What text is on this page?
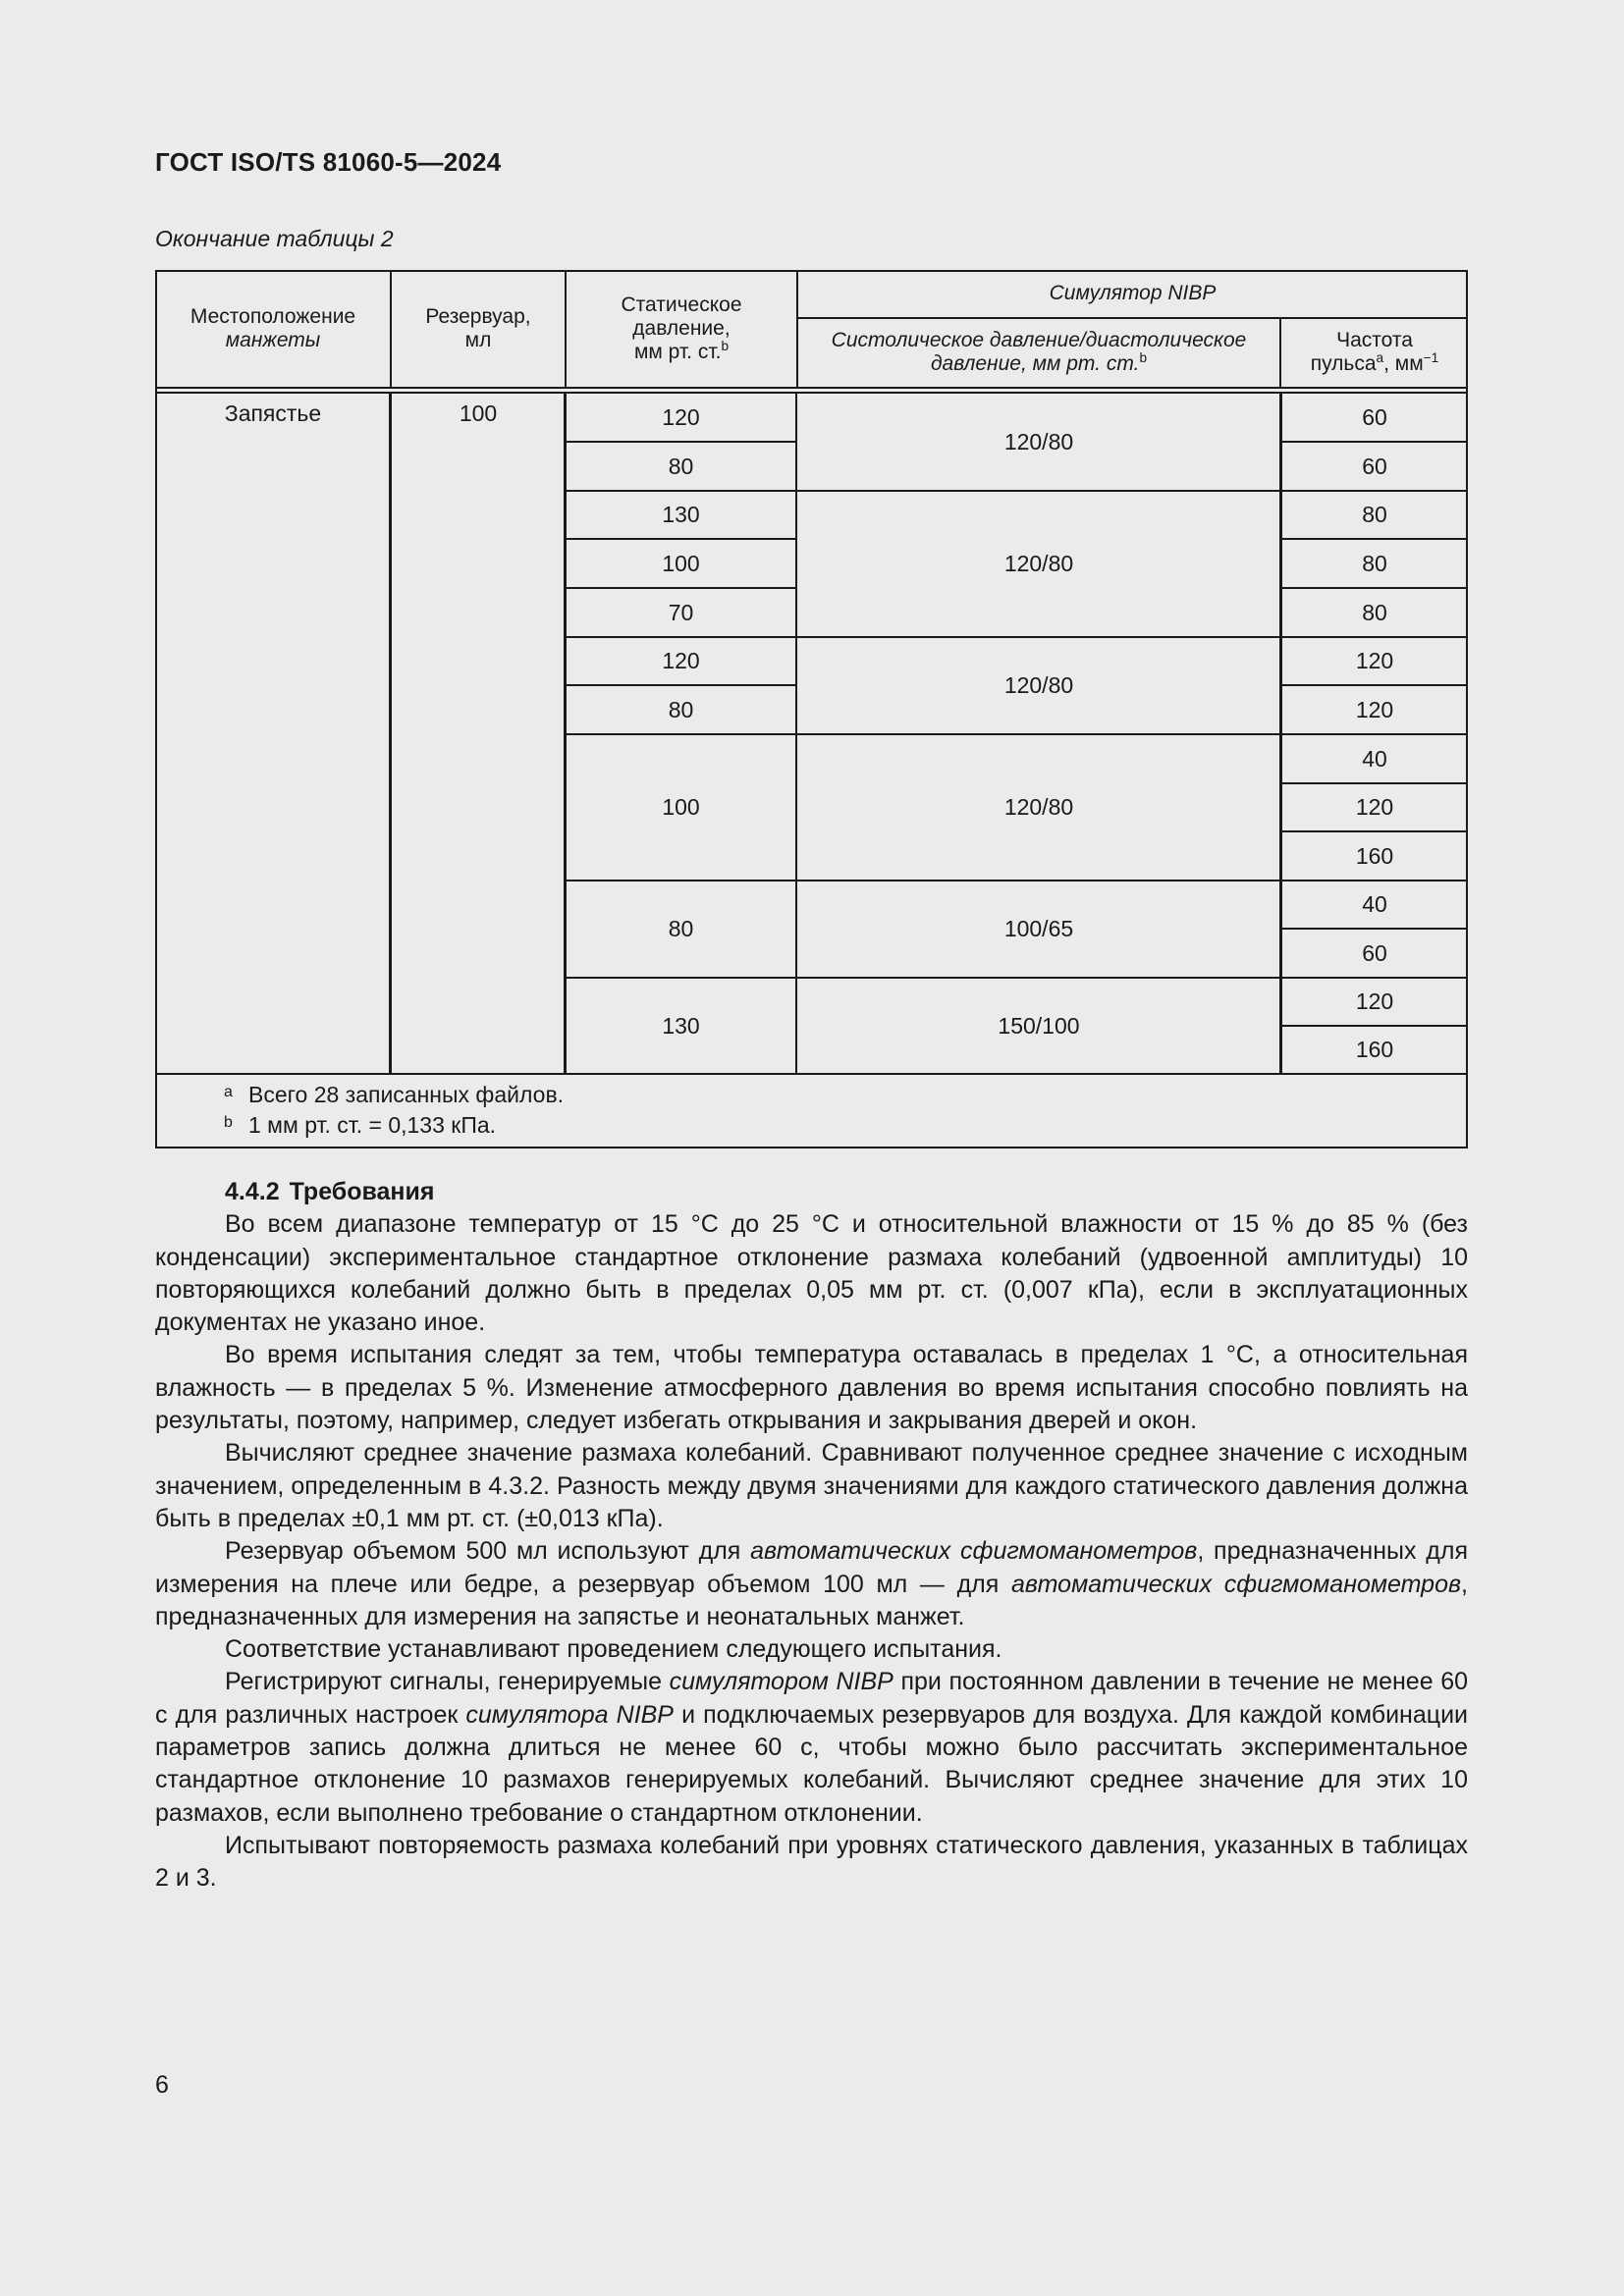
ГОСТ ISO/TS 81060-5—2024
Окончание таблицы 2
Местоположение
манжеты
Резервуар,
мл
Статическое
давление,
мм рт. ст.$^b$
Симулятор NIBP
Систолическое давление/диастолическое
давление, мм рт. ст.$^b$
Частота
пульса$^a$, $мм^{-1}$
Запястье	100	120
80
130
100
70
120
80
100
80
130
120/80
120/80
120/80
120/80
100/65
150/100
60
60
80
80
80
120
120
40
120
160
40
60
120
160
a Всего 28 записанных файлов.
b 1 мм рт. ст. = 0,133 кПа.

4.4.2 Требования

Во всем диапазоне температур от 15 °С до 25 °С и относительной влажности от 15 % до 85 % (без конденсации) экспериментальное стандартное отклонение размаха колебаний (удвоенной амплитуды) 10 повторяющихся колебаний должно быть в пределах 0,05 мм рт. ст. (0,007 кПа), если в эксплуатационных документах не указано иное.

Во время испытания следят за тем, чтобы температура оставалась в пределах 1 °С, а относительная влажность — в пределах 5 %. Изменение атмосферного давления во время испытания способно повлиять на результаты, поэтому, например, следует избегать открывания и закрывания дверей и окон.

Вычисляют среднее значение размаха колебаний. Сравнивают полученное среднее значение с исходным значением, определенным в 4.3.2. Разность между двумя значениями для каждого статического давления должна быть в пределах ±0,1 мм рт. ст. (±0,013 кПа).

Резервуар объемом 500 мл используют для автоматических сфигмоманометров, предназначенных для измерения на плече или бедре, а резервуар объемом 100 мл — для автоматических сфигмоманометров, предназначенных для измерения на запястье и неонатальных манжет.

Соответствие устанавливают проведением следующего испытания.

Регистрируют сигналы, генерируемые симулятором NIBP при постоянном давлении в течение не менее 60 с для различных настроек симулятора NIBP и подключаемых резервуаров для воздуха. Для каждой комбинации параметров запись должна длиться не менее 60 с, чтобы можно было рассчитать экспериментальное стандартное отклонение 10 размахов генерируемых колебаний. Вычисляют среднее значение для этих 10 размахов, если выполнено требование о стандартном отклонении.

Испытывают повторяемость размаха колебаний при уровнях статического давления, указанных в таблицах 2 и 3.

6
